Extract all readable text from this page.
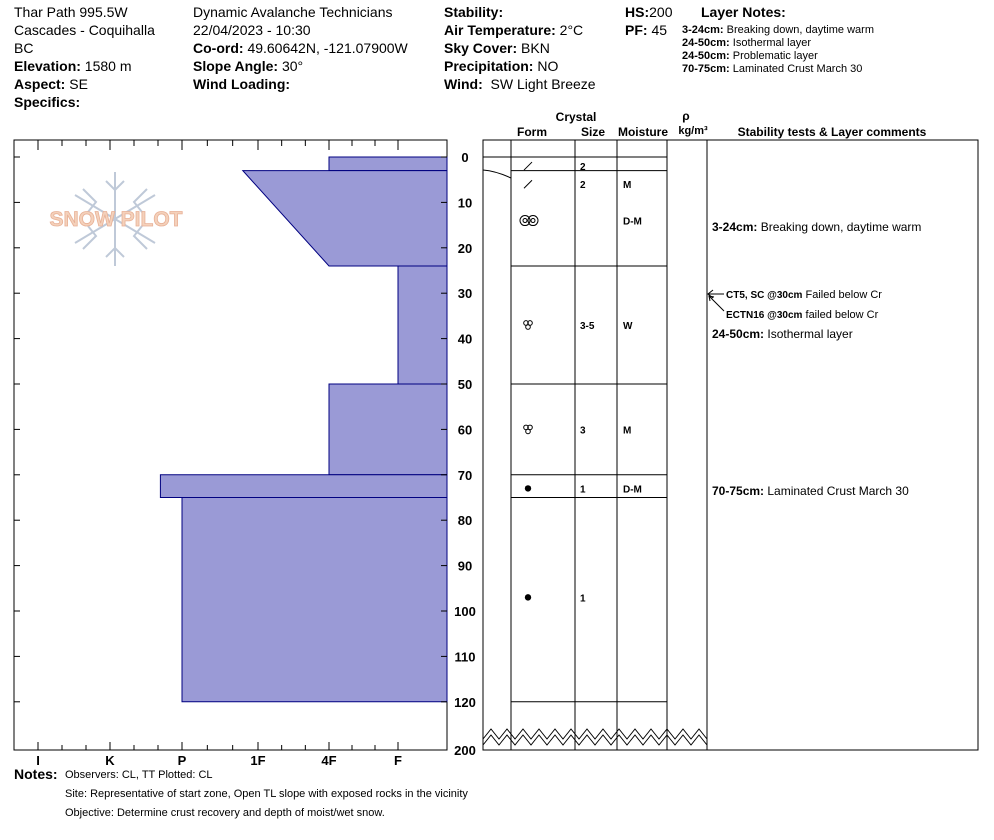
Thar Path 995.5W
Cascades - Coquihalla
BC
Elevation: 1580 m
Aspect: SE
Specifics:
Dynamic Avalanche Technicians
22/04/2023 - 10:30
Co-ord: 49.60642N, -121.07900W
Slope Angle: 30°
Wind Loading:
Stability:
Air Temperature: 2°C
Sky Cover: BKN
Precipitation: NO
Wind: SW Light Breeze
HS:200
PF: 45
Layer Notes:
3-24cm: Breaking down, daytime warm
24-50cm: Isothermal layer
24-50cm: Problematic layer
70-75cm: Laminated Crust March 30
Crystal
Form	Size Moisture
ρ
kg/m³ Stability tests & Layer comments
SNOW PILOT
0
10
20
30
40
50
60
70
80
90
100
110
120
200
I	K	P	1F	4F	F
2
2	M
D-M
3-5	W
3	M
1	D-M
1
3-24cm: Breaking down, daytime warm
24-50cm: Isothermal layer
70-75cm: Laminated Crust March 30
CT5, SC @30cm Failed below Cr
ECTN16 @30cm failed below Cr
Notes: Observers: CL, TT Plotted: CL
Site: Representative of start zone, Open TL slope with exposed rocks in the vicinity
Objective: Determine crust recovery and depth of moist/wet snow.
